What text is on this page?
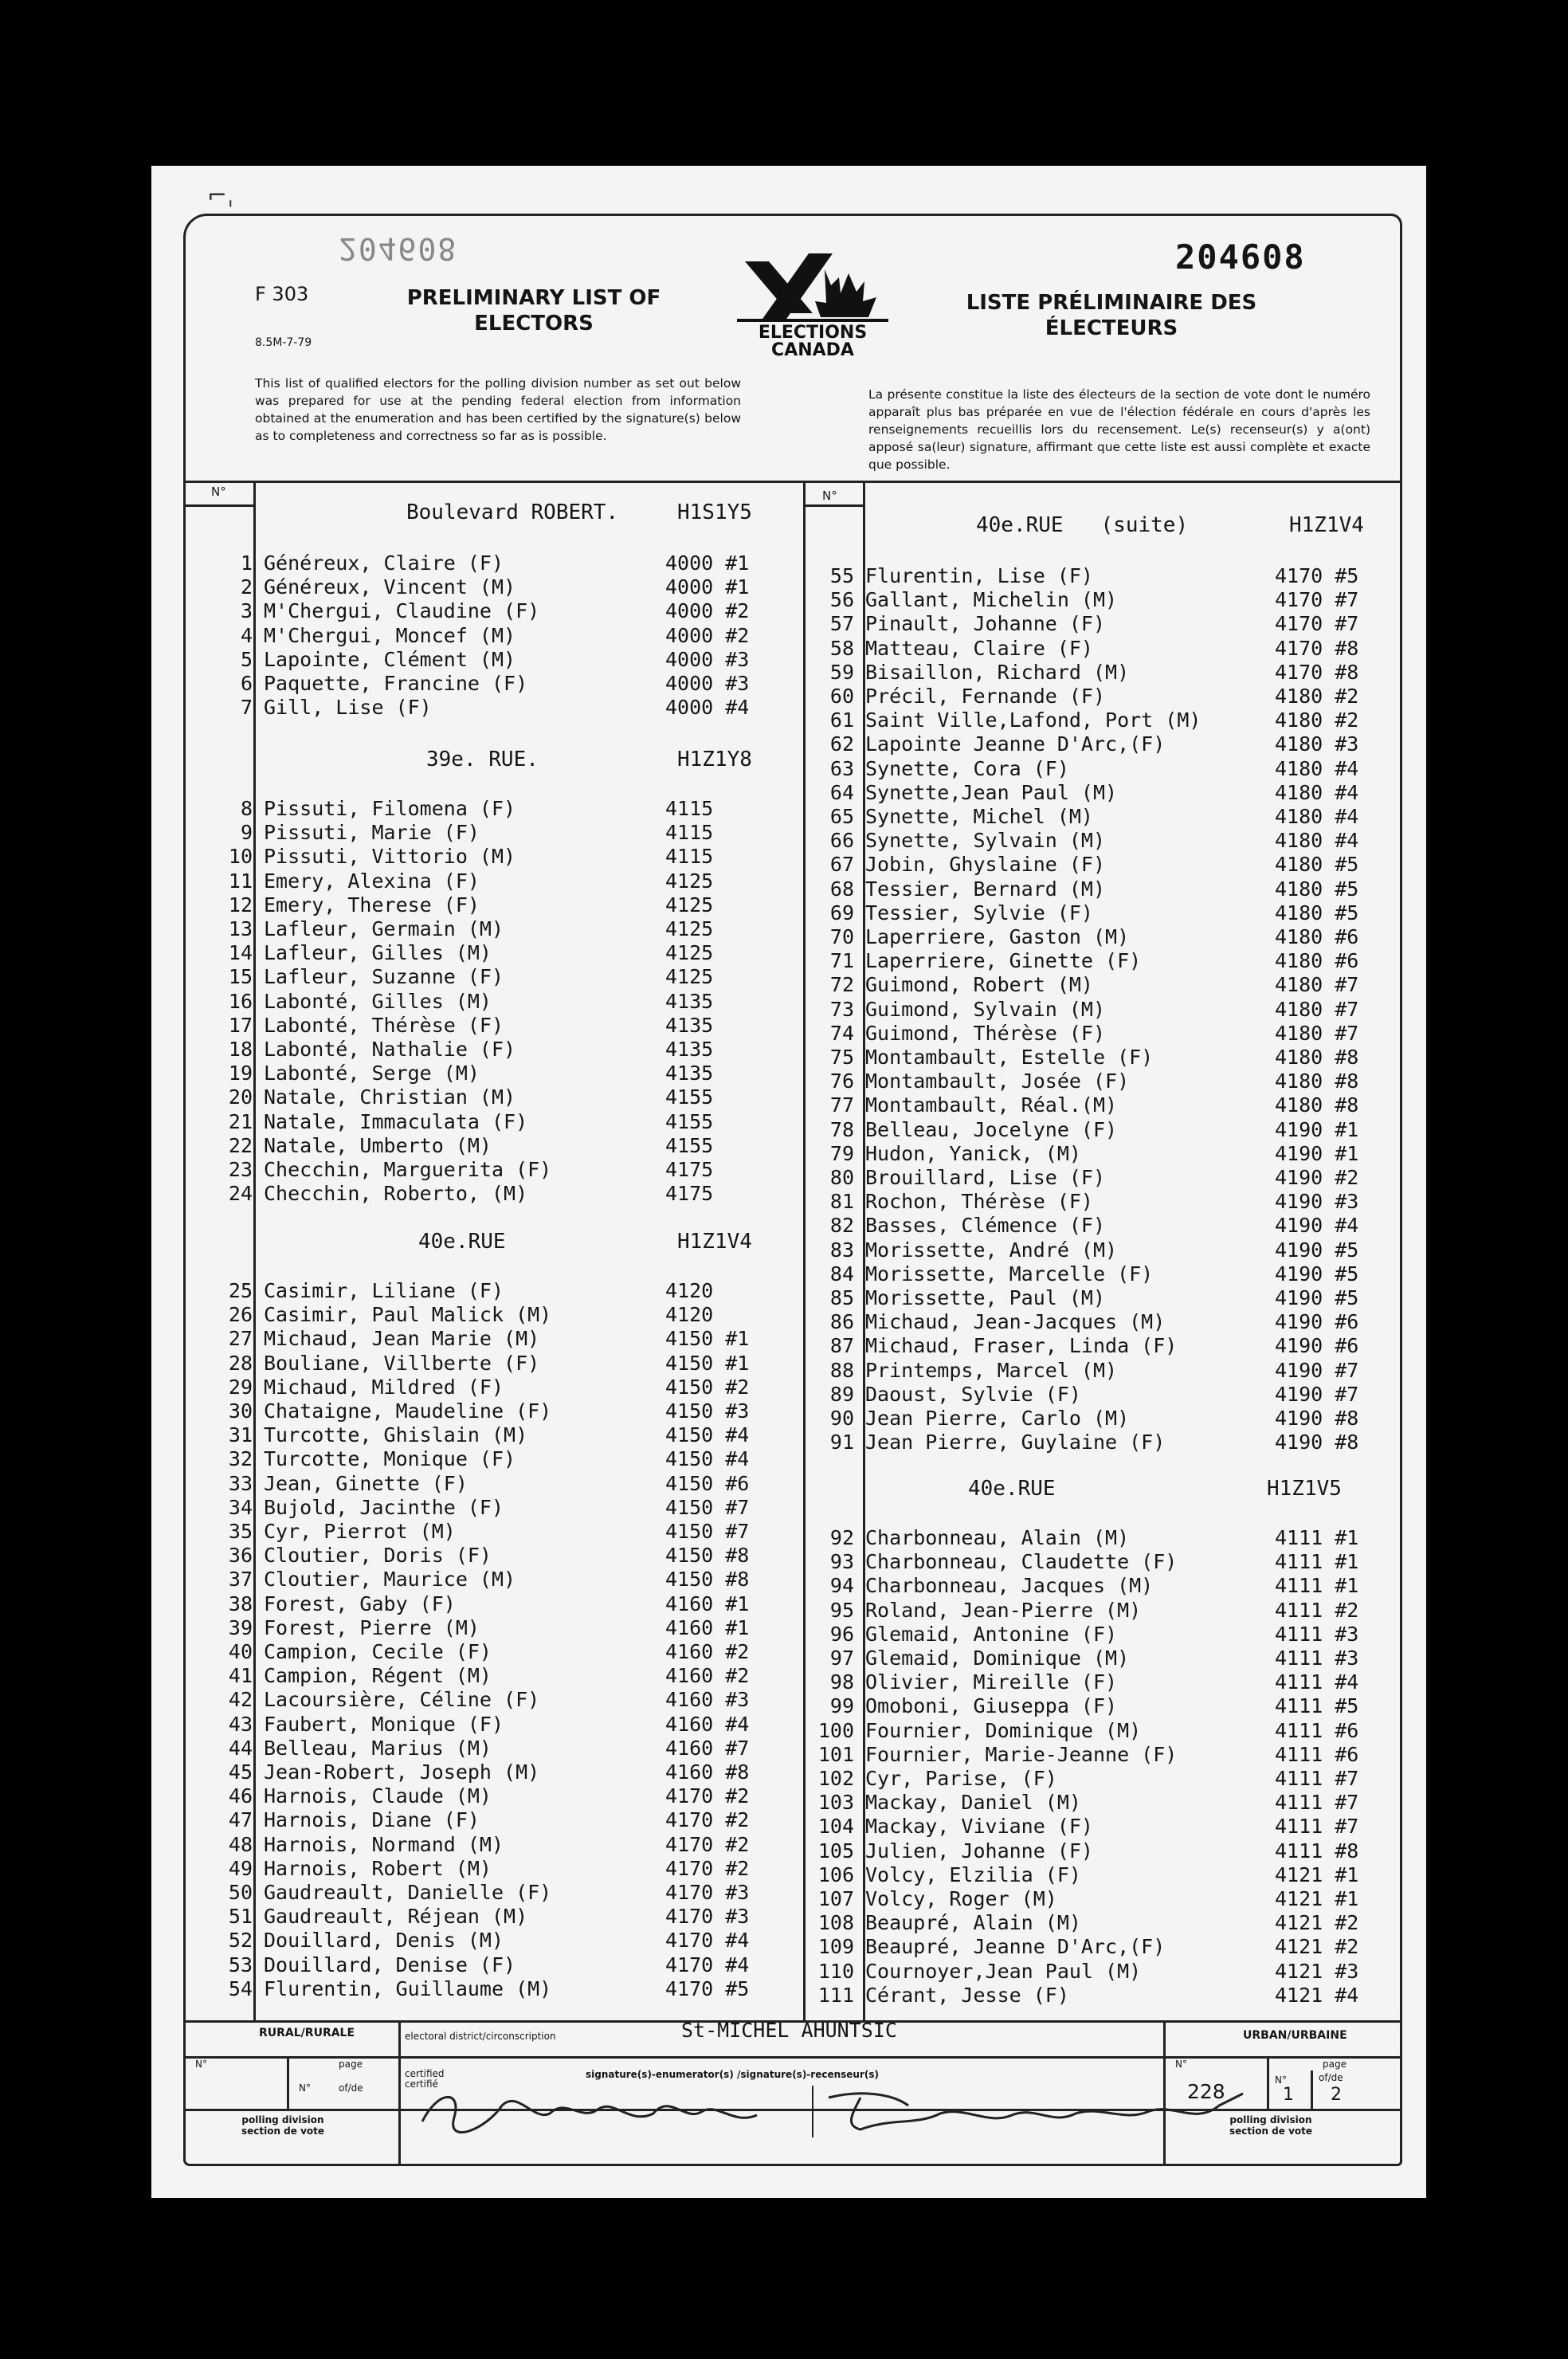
⌐ˌ
204608	204608
F 303
8.5M-7-79
PRELIMINARY LIST OF ELECTORS
LISTE PRÉLIMINAIRE DES ÉLECTEURS
ELECTIONS
CANADA
This list of qualified electors for the polling division number as set out below was prepared for use at the pending federal election from information obtained at the enumeration and has been certified by the signature(s) below as to completeness and correctness so far as is possible.
La présente constitue la liste des électeurs de la section de vote dont le numéro apparaît plus bas préparée en vue de l'élection fédérale en cours d'après les renseignements recueillis lors du recensement. Le(s) recenseur(s) y a(ont) apposé sa(leur) signature, affirmant que cette liste est aussi complète et exacte que possible.
N°	N°
Boulevard ROBERT.	H1S1Y5
39e. RUE.	H1Z1Y8
40e.RUE	H1Z1V4
40e.RUE   (suite)	H1Z1V4
40e.RUE	H1Z1V5
1 Généreux, Claire (F)	4000 #1
2 Généreux, Vincent (M)	4000 #1
3 M'Chergui, Claudine (F)	4000 #2
4 M'Chergui, Moncef (M)	4000 #2
5 Lapointe, Clément (M)	4000 #3
6 Paquette, Francine (F)	4000 #3
7 Gill, Lise (F)	4000 #4
8 Pissuti, Filomena (F)	4115
9 Pissuti, Marie (F)	4115
10 Pissuti, Vittorio (M)	4115
11 Emery, Alexina (F)	4125
12 Emery, Therese (F)	4125
13 Lafleur, Germain (M)	4125
14 Lafleur, Gilles (M)	4125
15 Lafleur, Suzanne (F)	4125
16 Labonté, Gilles (M)	4135
17 Labonté, Thérèse (F)	4135
18 Labonté, Nathalie (F)	4135
19 Labonté, Serge (M)	4135
20 Natale, Christian (M)	4155
21 Natale, Immaculata (F)	4155
22 Natale, Umberto (M)	4155
23 Checchin, Marguerita (F)	4175
24 Checchin, Roberto, (M)	4175
25 Casimir, Liliane (F)	4120
26 Casimir, Paul Malick (M)	4120
27 Michaud, Jean Marie (M)	4150 #1
28 Bouliane, Villberte (F)	4150 #1
29 Michaud, Mildred (F)	4150 #2
30 Chataigne, Maudeline (F)	4150 #3
31 Turcotte, Ghislain (M)	4150 #4
32 Turcotte, Monique (F)	4150 #4
33 Jean, Ginette (F)	4150 #6
34 Bujold, Jacinthe (F)	4150 #7
35 Cyr, Pierrot (M)	4150 #7
36 Cloutier, Doris (F)	4150 #8
37 Cloutier, Maurice (M)	4150 #8
38 Forest, Gaby (F)	4160 #1
39 Forest, Pierre (M)	4160 #1
40 Campion, Cecile (F)	4160 #2
41 Campion, Régent (M)	4160 #2
42 Lacoursière, Céline (F)	4160 #3
43 Faubert, Monique (F)	4160 #4
44 Belleau, Marius (M)	4160 #7
45 Jean-Robert, Joseph (M)	4160 #8
46 Harnois, Claude (M)	4170 #2
47 Harnois, Diane (F)	4170 #2
48 Harnois, Normand (M)	4170 #2
49 Harnois, Robert (M)	4170 #2
50 Gaudreault, Danielle (F)	4170 #3
51 Gaudreault, Réjean (M)	4170 #3
52 Douillard, Denis (M)	4170 #4
53 Douillard, Denise (F)	4170 #4
54 Flurentin, Guillaume (M)	4170 #5
55 Flurentin, Lise (F)	4170 #5
56 Gallant, Michelin (M)	4170 #7
57 Pinault, Johanne (F)	4170 #7
58 Matteau, Claire (F)	4170 #8
59 Bisaillon, Richard (M)	4170 #8
60 Précil, Fernande (F)	4180 #2
61 Saint Ville,Lafond, Port (M)	4180 #2
62 Lapointe Jeanne D'Arc,(F)	4180 #3
63 Synette, Cora (F)	4180 #4
64 Synette,Jean Paul (M)	4180 #4
65 Synette, Michel (M)	4180 #4
66 Synette, Sylvain (M)	4180 #4
67 Jobin, Ghyslaine (F)	4180 #5
68 Tessier, Bernard (M)	4180 #5
69 Tessier, Sylvie (F)	4180 #5
70 Laperriere, Gaston (M)	4180 #6
71 Laperriere, Ginette (F)	4180 #6
72 Guimond, Robert (M)	4180 #7
73 Guimond, Sylvain (M)	4180 #7
74 Guimond, Thérèse (F)	4180 #7
75 Montambault, Estelle (F)	4180 #8
76 Montambault, Josée (F)	4180 #8
77 Montambault, Réal.(M)	4180 #8
78 Belleau, Jocelyne (F)	4190 #1
79 Hudon, Yanick, (M)	4190 #1
80 Brouillard, Lise (F)	4190 #2
81 Rochon, Thérèse (F)	4190 #3
82 Basses, Clémence (F)	4190 #4
83 Morissette, André (M)	4190 #5
84 Morissette, Marcelle (F)	4190 #5
85 Morissette, Paul (M)	4190 #5
86 Michaud, Jean-Jacques (M)	4190 #6
87 Michaud, Fraser, Linda (F)	4190 #6
88 Printemps, Marcel (M)	4190 #7
89 Daoust, Sylvie (F)	4190 #7
90 Jean Pierre, Carlo (M)	4190 #8
91 Jean Pierre, Guylaine (F)	4190 #8
92 Charbonneau, Alain (M)	4111 #1
93 Charbonneau, Claudette (F)	4111 #1
94 Charbonneau, Jacques (M)	4111 #1
95 Roland, Jean-Pierre (M)	4111 #2
96 Glemaid, Antonine (F)	4111 #3
97 Glemaid, Dominique (M)	4111 #3
98 Olivier, Mireille (F)	4111 #4
99 Omoboni, Giuseppa (F)	4111 #5
100 Fournier, Dominique (M)	4111 #6
101 Fournier, Marie-Jeanne (F)	4111 #6
102 Cyr, Parise, (F)	4111 #7
103 Mackay, Daniel (M)	4111 #7
104 Mackay, Viviane (F)	4111 #7
105 Julien, Johanne (F)	4111 #8
106 Volcy, Elzilia (F)	4121 #1
107 Volcy, Roger (M)	4121 #1
108 Beaupré, Alain (M)	4121 #2
109 Beaupré, Jeanne D'Arc,(F)	4121 #2
110 Cournoyer,Jean Paul (M)	4121 #3
111 Cérant, Jesse (F)	4121 #4
RURAL/RURALE	URBAN/URBAINE
N°	page
N°	of/de
polling division section de vote
electoral district/circonscription	St-MICHEL AHUNTSIC
certified certifié
signature(s)-enumerator(s) /signature(s)-recenseur(s)
N°	page
228	N°
1
of/de
2
polling division section de vote
